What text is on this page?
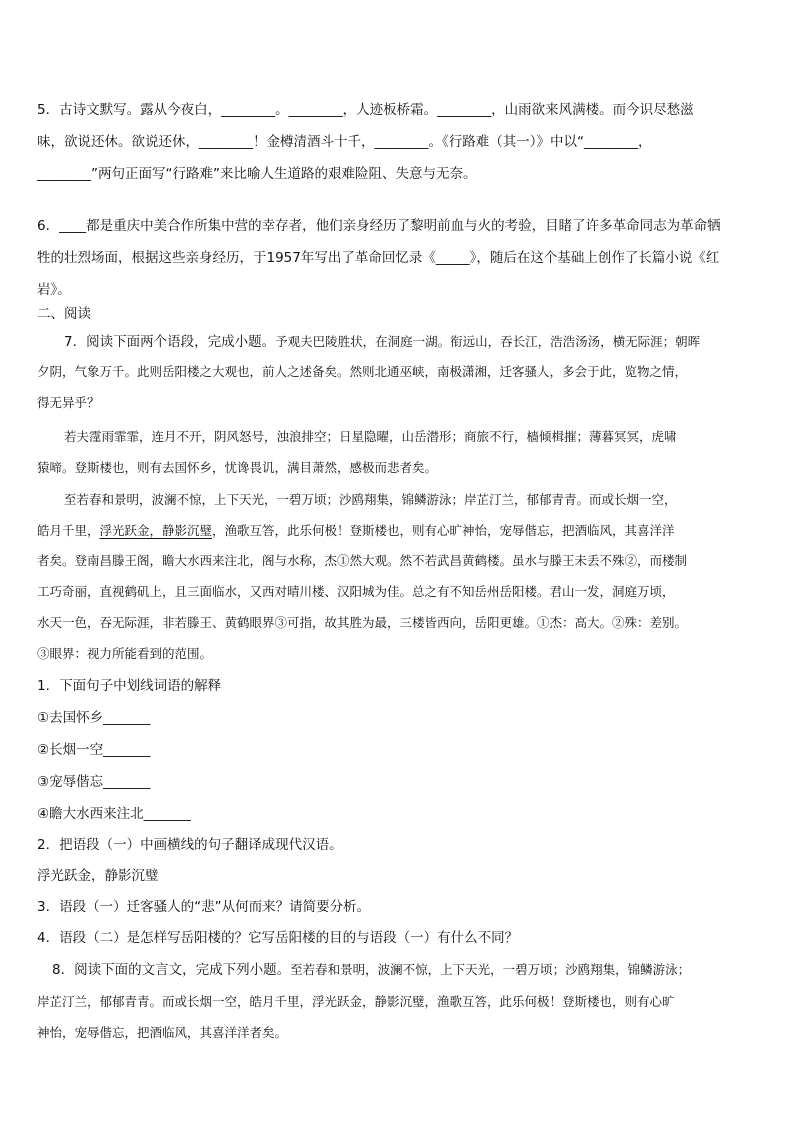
5．古诗文默写。露从今夜白，________。________，人迹板桥霜。________，山雨欲来风满楼。而今识尽愁滋
味，欲说还休。欲说还休，________！金樽清酒斗十千，________。《行路难（其一）》中以“________，
________”两句正面写“行路难”来比喻人生道路的艰难险阻、失意与无奈。
6．____都是重庆中美合作所集中营的幸存者，他们亲身经历了黎明前血与火的考验，目睹了许多革命同志为革命牺
牲的壮烈场面，根据这些亲身经历，于1957年写出了革命回忆录《_____》，随后在这个基础上创作了长篇小说《红
岩》。
二、阅读
7．阅读下面两个语段，完成小题。予观夫巴陵胜状，在洞庭一湖。衔远山，吞长江，浩浩汤汤，横无际涯；朝晖
夕阴，气象万千。此则岳阳楼之大观也，前人之述备矣。然则北通巫峡，南极潇湘，迁客骚人，多会于此，览物之情，
得无异乎？
若夫霪雨霏霏，连月不开，阴风怒号，浊浪排空；日星隐曜，山岳潜形；商旅不行，樯倾楫摧；薄暮冥冥，虎啸
猿啼。登斯楼也，则有去国怀乡，忧谗畏讥，满目萧然，感极而悲者矣。
至若春和景明，波澜不惊，上下天光，一碧万顷；沙鸥翔集，锦鳞游泳；岸芷汀兰，郁郁青青。而或长烟一空，
皓月千里，浮光跃金，静影沉璧，渔歌互答，此乐何极！登斯楼也，则有心旷神怡，宠辱偕忘，把酒临风，其喜洋洋
者矣。登南昌滕王阁，瞻大水西来注北，阁与水称，杰①然大观。然不若武昌黄鹤楼。虽水与滕王未丢不殊②，而楼制
工巧奇丽，直视鹤矶上，且三面临水，又西对晴川楼、汉阳城为佳。总之有不知岳州岳阳楼。君山一发，洞庭万顷，
水天一色，吞无际涯，非若滕王、黄鹤眼界③可指，故其胜为最，三楼皆西向，岳阳更雄。①杰：高大。②殊：差别。
③眼界：视力所能看到的范围。
1．下面句子中划线词语的解释
①去国怀乡_______
②长烟一空_______
③宠辱偕忘_______
④瞻大水西来注北_______
2．把语段（一）中画横线的句子翻译成现代汉语。
浮光跃金，静影沉璧
3．语段（一）迁客骚人的“悲”从何而来？请简要分析。
4．语段（二）是怎样写岳阳楼的？它写岳阳楼的目的与语段（一）有什么不同？
8．阅读下面的文言文，完成下列小题。至若春和景明，波澜不惊，上下天光，一碧万顷；沙鸥翔集，锦鳞游泳；
岸芷汀兰，郁郁青青。而或长烟一空，皓月千里，浮光跃金，静影沉璧，渔歌互答，此乐何极！登斯楼也，则有心旷
神怡，宠辱偕忘，把酒临风，其喜洋洋者矣。
